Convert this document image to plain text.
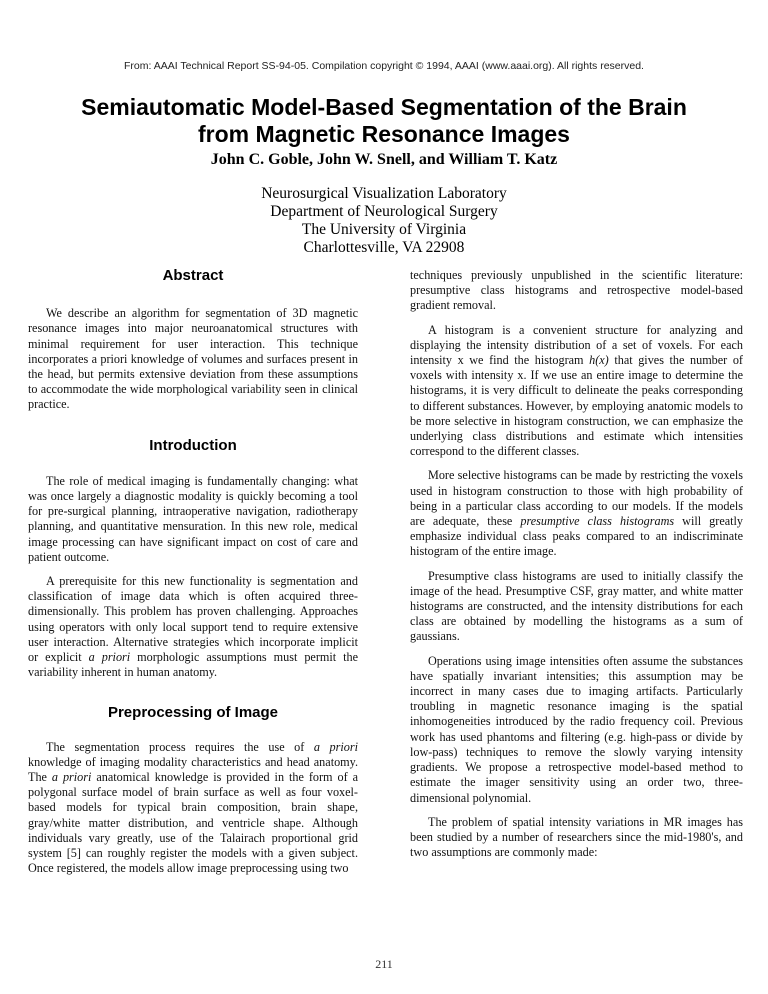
From: AAAI Technical Report SS-94-05. Compilation copyright © 1994, AAAI (www.aaai.org). All rights reserved.
Semiautomatic Model-Based Segmentation of the Brain
from Magnetic Resonance Images
John C. Goble, John W. Snell, and William T. Katz
Neurosurgical Visualization Laboratory
Department of Neurological Surgery
The University of Virginia
Charlottesville, VA 22908
Abstract

We describe an algorithm for segmentation of 3D magnetic resonance images into major neuroanatomical structures with minimal requirement for user interaction. This technique incorporates a priori knowledge of volumes and surfaces present in the head, but permits extensive deviation from these assumptions to accommodate the wide morphological variability seen in clinical practice.

Introduction

The role of medical imaging is fundamentally changing: what was once largely a diagnostic modality is quickly becoming a tool for pre-surgical planning, intraoperative navigation, radiotherapy planning, and quantitative mensuration. In this new role, medical image processing can have significant impact on cost of care and patient outcome.

A prerequisite for this new functionality is segmentation and classification of image data which is often acquired three-dimensionally. This problem has proven challenging. Approaches using operators with only local support tend to require extensive user interaction. Alternative strategies which incorporate implicit or explicit a priori morphologic assumptions must permit the variability inherent in human anatomy.

Preprocessing of Image

The segmentation process requires the use of a priori knowledge of imaging modality characteristics and head anatomy. The a priori anatomical knowledge is provided in the form of a polygonal surface model of brain surface as well as four voxel-based models for typical brain composition, brain shape, gray/white matter distribution, and ventricle shape. Although individuals vary greatly, use of the Talairach proportional grid system [5] can roughly register the models with a given subject. Once registered, the models allow image preprocessing using two

techniques previously unpublished in the scientific literature: presumptive class histograms and retrospective model-based gradient removal.

A histogram is a convenient structure for analyzing and displaying the intensity distribution of a set of voxels. For each intensity x we find the histogram h(x) that gives the number of voxels with intensity x. If we use an entire image to determine the histograms, it is very difficult to delineate the peaks corresponding to different substances. However, by employing anatomic models to be more selective in histogram construction, we can emphasize the underlying class distributions and estimate which intensities correspond to the different classes.

More selective histograms can be made by restricting the voxels used in histogram construction to those with high probability of being in a particular class according to our models. If the models are adequate, these presumptive class histograms will greatly emphasize individual class peaks compared to an indiscriminate histogram of the entire image.

Presumptive class histograms are used to initially classify the image of the head. Presumptive CSF, gray matter, and white matter histograms are constructed, and the intensity distributions for each class are obtained by modelling the histograms as a sum of gaussians.

Operations using image intensities often assume the substances have spatially invariant intensities; this assumption may be incorrect in many cases due to imaging artifacts. Particularly troubling in magnetic resonance imaging is the spatial inhomogeneities introduced by the radio frequency coil. Previous work has used phantoms and filtering (e.g. high-pass or divide by low-pass) techniques to remove the slowly varying intensity gradients. We propose a retrospective model-based method to estimate the imager sensitivity using an order two, three-dimensional polynomial.

The problem of spatial intensity variations in MR images has been studied by a number of researchers since the mid-1980's, and two assumptions are commonly made:

211
